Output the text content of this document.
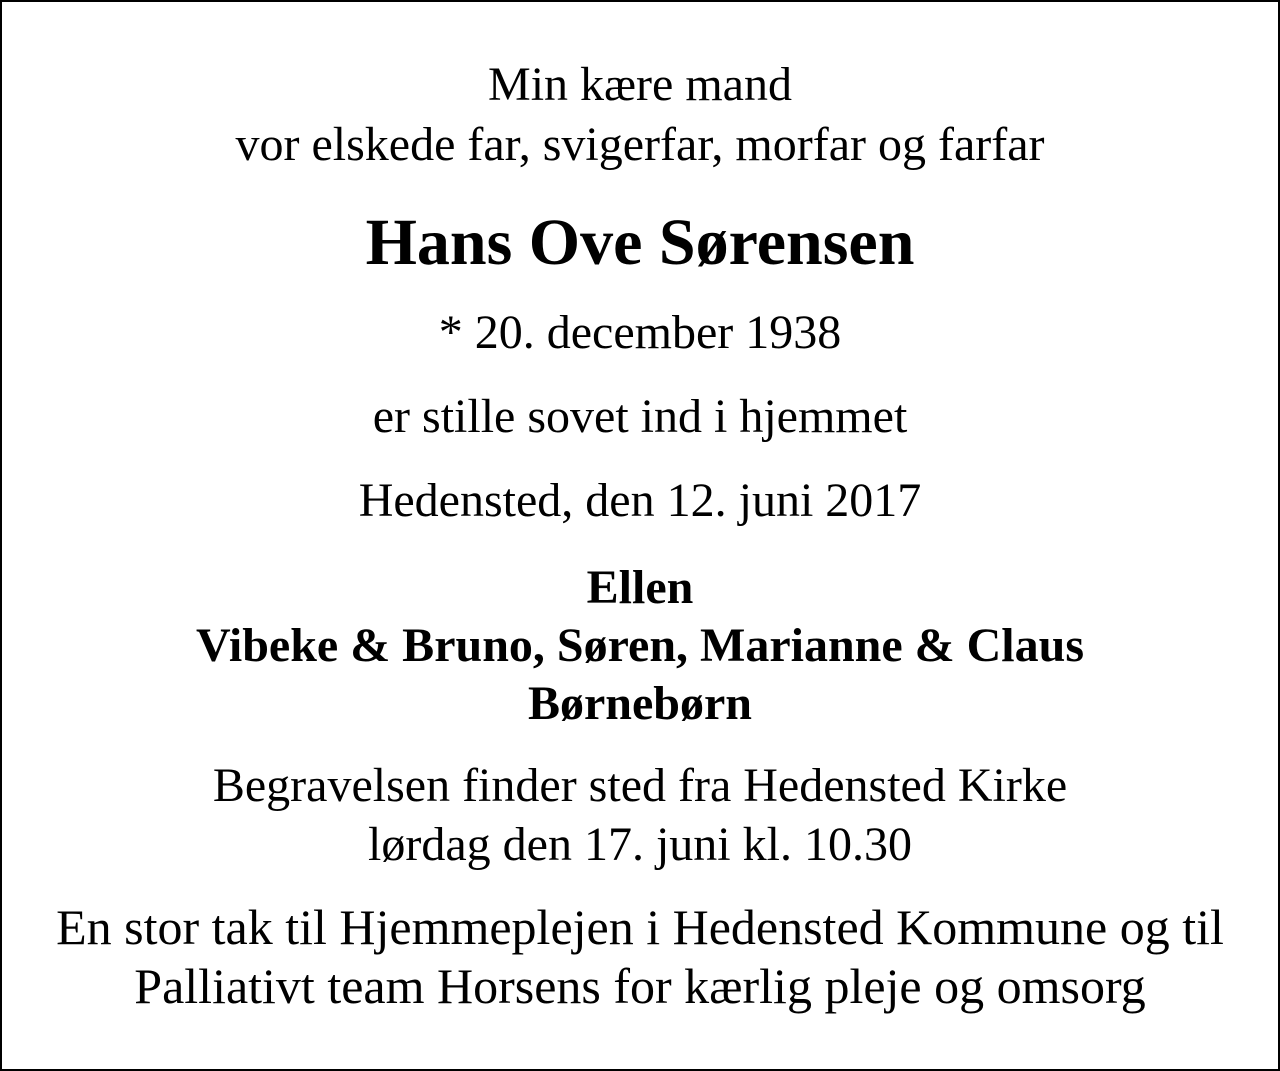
Min kære mand
vor elskede far, svigerfar, morfar og farfar
Hans Ove Sørensen
* 20. december 1938
er stille sovet ind i hjemmet
Hedensted, den 12. juni 2017
Ellen
Vibeke & Bruno, Søren, Marianne & Claus
Børnebørn
Begravelsen finder sted fra Hedensted Kirke
lørdag den 17. juni kl. 10.30
En stor tak til Hjemmeplejen i Hedensted Kommune og til
Palliativt team Horsens for kærlig pleje og omsorg
